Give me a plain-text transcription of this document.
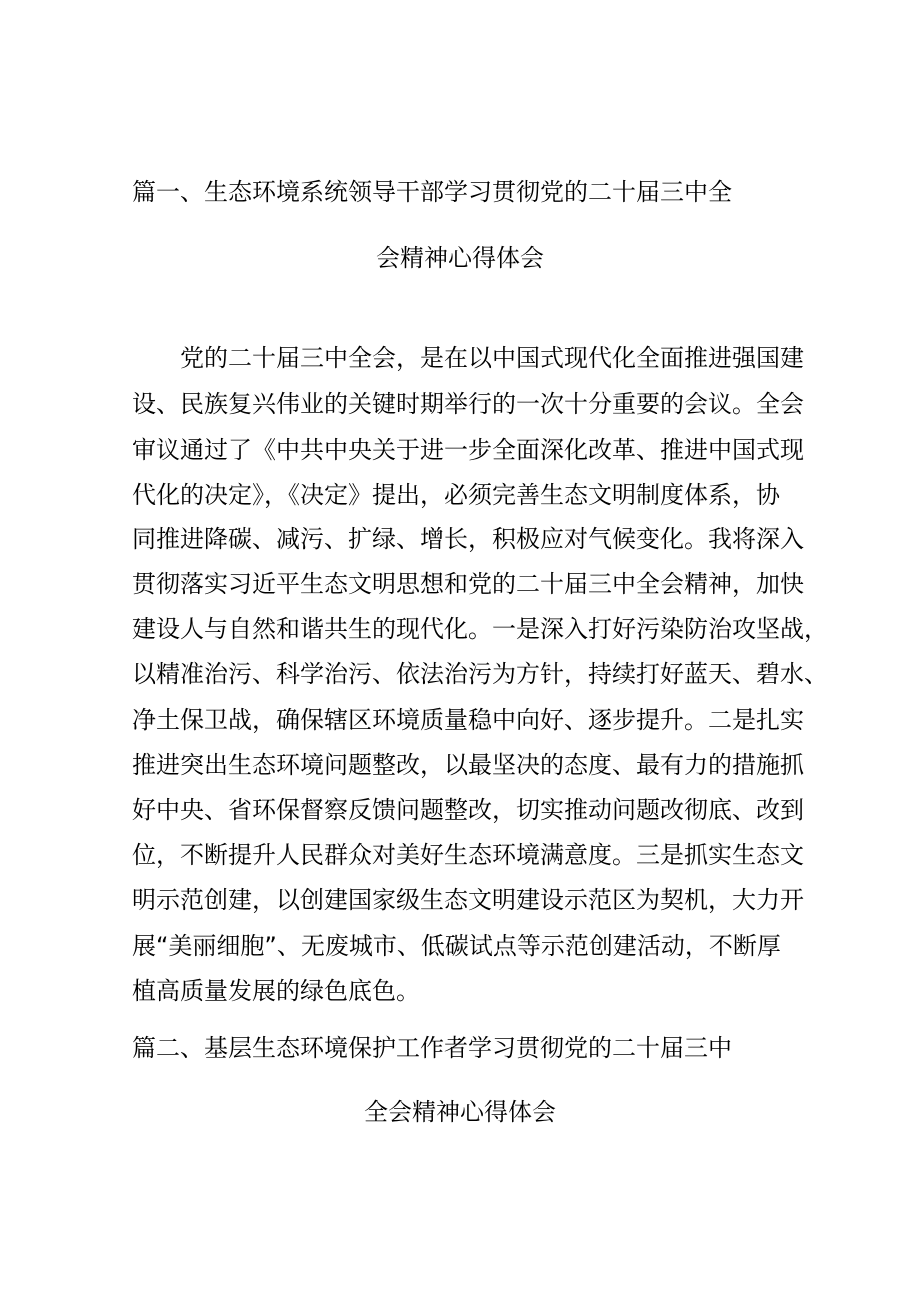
篇一、生态环境系统领导干部学习贯彻党的二十届三中全
会精神心得体会
　　党的二十届三中全会，是在以中国式现代化全面推进强国建
设、民族复兴伟业的关键时期举行的一次十分重要的会议。全会
审议通过了《中共中央关于进一步全面深化改革、推进中国式现
代化的决定》，《决定》提出，必须完善生态文明制度体系，协
同推进降碳、减污、扩绿、增长，积极应对气候变化。我将深入
贯彻落实习近平生态文明思想和党的二十届三中全会精神，加快
建设人与自然和谐共生的现代化。一是深入打好污染防治攻坚战，
以精准治污、科学治污、依法治污为方针，持续打好蓝天、碧水、
净土保卫战，确保辖区环境质量稳中向好、逐步提升。二是扎实
推进突出生态环境问题整改，以最坚决的态度、最有力的措施抓
好中央、省环保督察反馈问题整改，切实推动问题改彻底、改到
位，不断提升人民群众对美好生态环境满意度。三是抓实生态文
明示范创建，以创建国家级生态文明建设示范区为契机，大力开
展“美丽细胞”、无废城市、低碳试点等示范创建活动，不断厚
植高质量发展的绿色底色。
篇二、基层生态环境保护工作者学习贯彻党的二十届三中
全会精神心得体会
